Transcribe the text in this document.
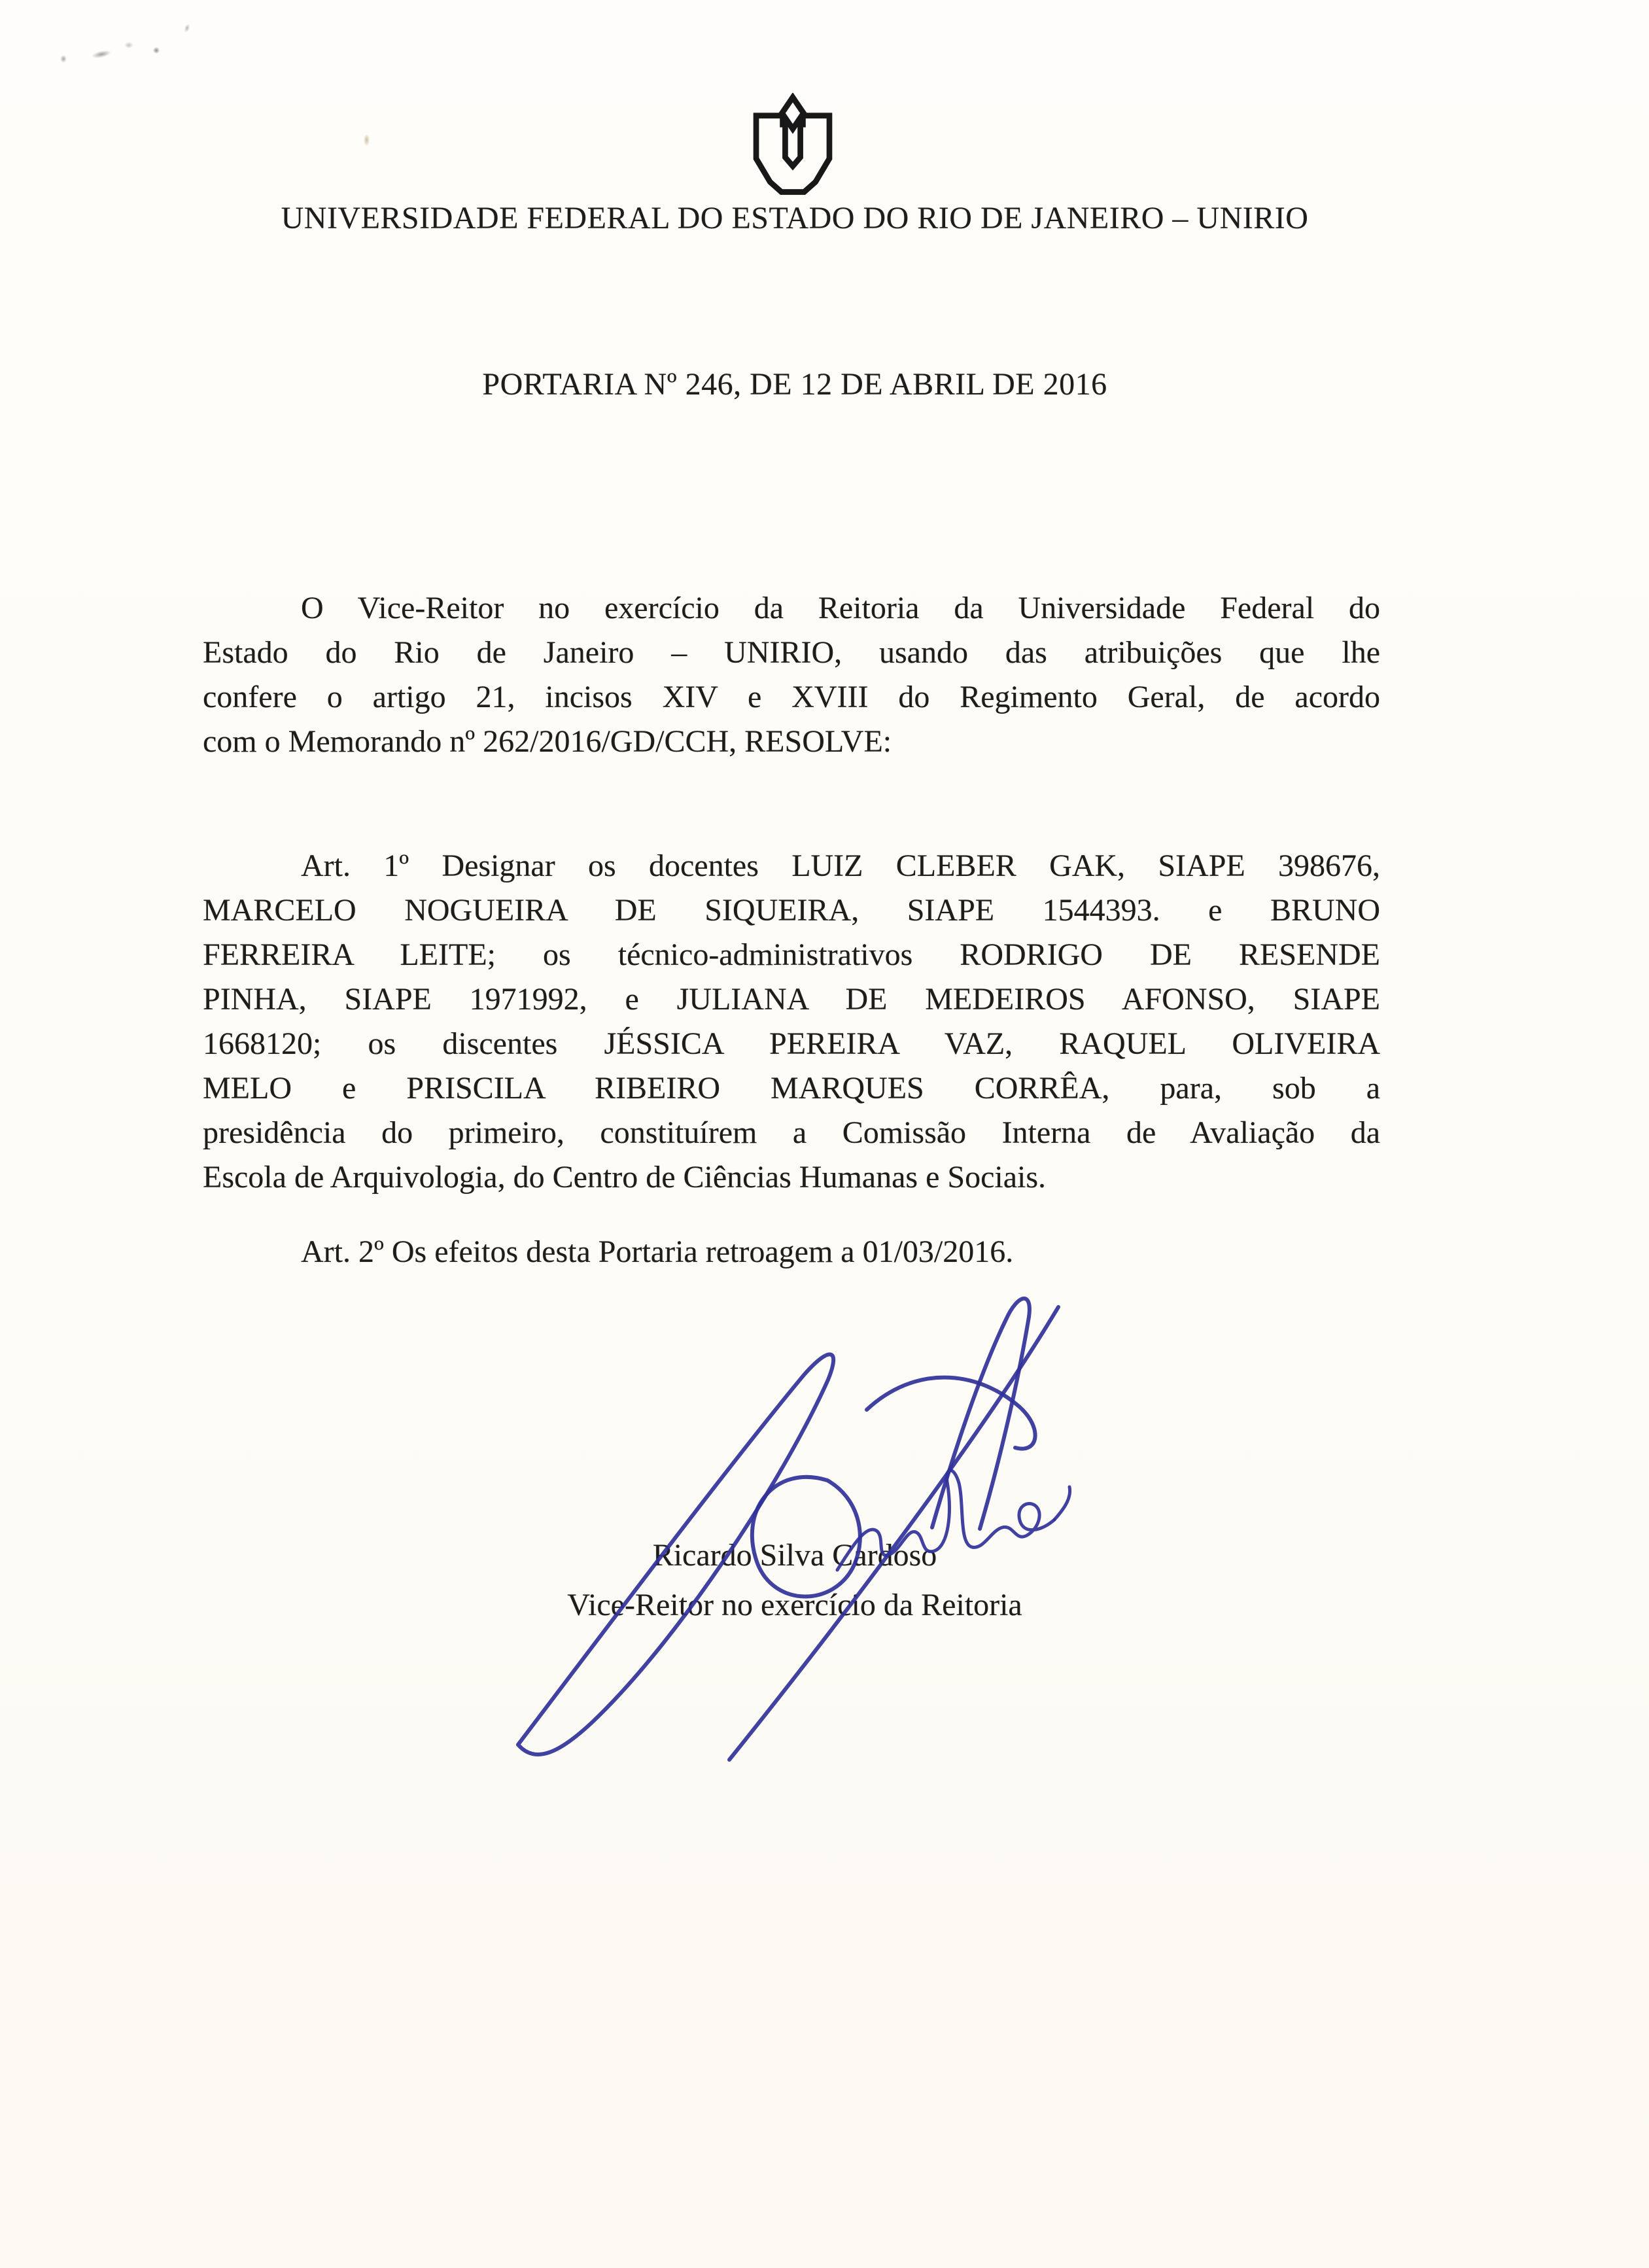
UNIVERSIDADE FEDERAL DO ESTADO DO RIO DE JANEIRO – UNIRIO
PORTARIA Nº 246, DE 12 DE ABRIL DE 2016
O Vice-Reitor no exercício da Reitoria da Universidade Federal do
Estado do Rio de Janeiro – UNIRIO, usando das atribuições que lhe
confere o artigo 21, incisos XIV e XVIII do Regimento Geral, de acordo
com o Memorando nº 262/2016/GD/CCH, RESOLVE:
Art. 1º Designar os docentes LUIZ CLEBER GAK, SIAPE 398676,
MARCELO NOGUEIRA DE SIQUEIRA, SIAPE 1544393. e BRUNO
FERREIRA LEITE; os técnico-administrativos RODRIGO DE RESENDE
PINHA, SIAPE 1971992, e JULIANA DE MEDEIROS AFONSO, SIAPE
1668120; os discentes JÉSSICA PEREIRA VAZ, RAQUEL OLIVEIRA
MELO e PRISCILA RIBEIRO MARQUES CORRÊA, para, sob a
presidência do primeiro, constituírem a Comissão Interna de Avaliação da
Escola de Arquivologia, do Centro de Ciências Humanas e Sociais.
Art. 2º Os efeitos desta Portaria retroagem a 01/03/2016.
Ricardo Silva Cardoso
Vice-Reitor no exercício da Reitoria
